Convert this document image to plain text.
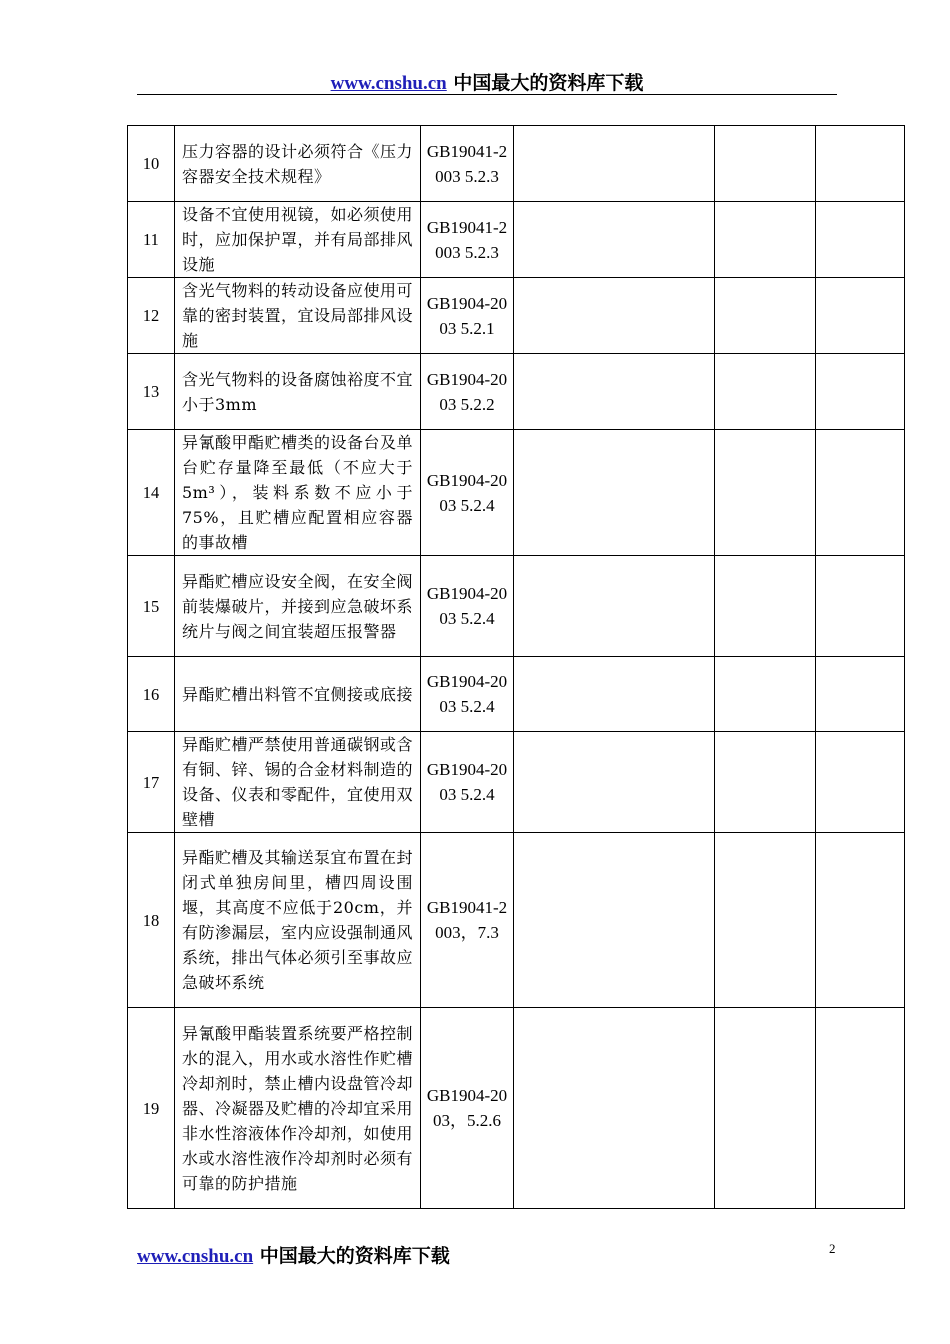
www.cnshu.cn 中国最大的资料库下载
10	压力容器的设计必须符合《压力容器安全技术规程》	GB19041-2003 5.2.3			
11	设备不宜使用视镜，如必须使用时，应加保护罩，并有局部排风设施	GB19041-2003 5.2.3			
12	含光气物料的转动设备应使用可靠的密封装置，宜设局部排风设施	GB1904-2003 5.2.1			
13	含光气物料的设备腐蚀裕度不宜小于3mm	GB1904-2003 5.2.2			
14	异氰酸甲酯贮槽类的设备台及单台贮存量降至最低（不应大于5m³），装料系数不应小于75%，且贮槽应配置相应容器的事故槽	GB1904-2003 5.2.4			
15	异酯贮槽应设安全阀，在安全阀前装爆破片，并接到应急破坏系统片与阀之间宜装超压报警器	GB1904-2003 5.2.4			
16	异酯贮槽出料管不宜侧接或底接	GB1904-2003 5.2.4			
17	异酯贮槽严禁使用普通碳钢或含有铜、锌、锡的合金材料制造的设备、仪表和零配件，宜使用双壁槽	GB1904-2003 5.2.4			
18	异酯贮槽及其输送泵宜布置在封闭式单独房间里，槽四周设围堰，其高度不应低于20cm，并有防渗漏层，室内应设强制通风系统，排出气体必须引至事故应急破坏系统	GB19041-2003，7.3			
19	异氰酸甲酯装置系统要严格控制水的混入，用水或水溶性作贮槽冷却剂时，禁止槽内设盘管冷却器、冷凝器及贮槽的冷却宜采用非水性溶液体作冷却剂，如使用水或水溶性液作冷却剂时必须有可靠的防护措施	GB1904-2003，5.2.6			
www.cnshu.cn 中国最大的资料库下载	2
